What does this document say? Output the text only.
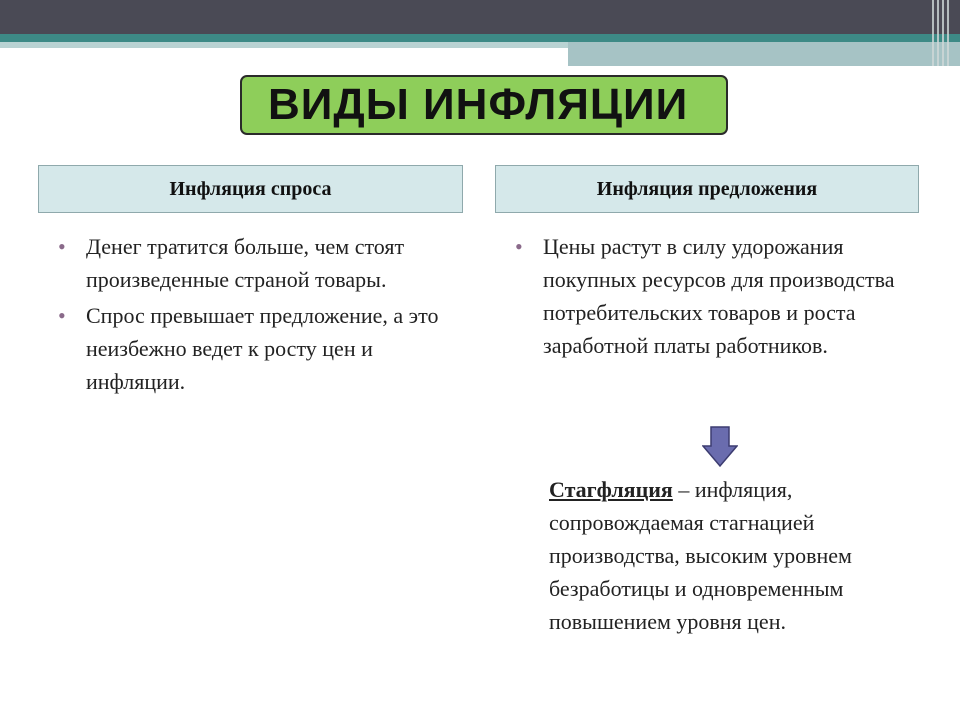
ВИДЫ ИНФЛЯЦИИ
Инфляция спроса	Инфляция предложения
• Денег тратится больше, чем стоят произведенные страной товары.
• Спрос превышает предложение, а это неизбежно ведет к росту цен и инфляции.
• Цены растут в силу удорожания покупных ресурсов для производства потребительских товаров и роста заработной платы работников.
Стагфляция – инфляция, сопровождаемая стагнацией производства, высоким уровнем безработицы и одновременным повышением уровня цен.
